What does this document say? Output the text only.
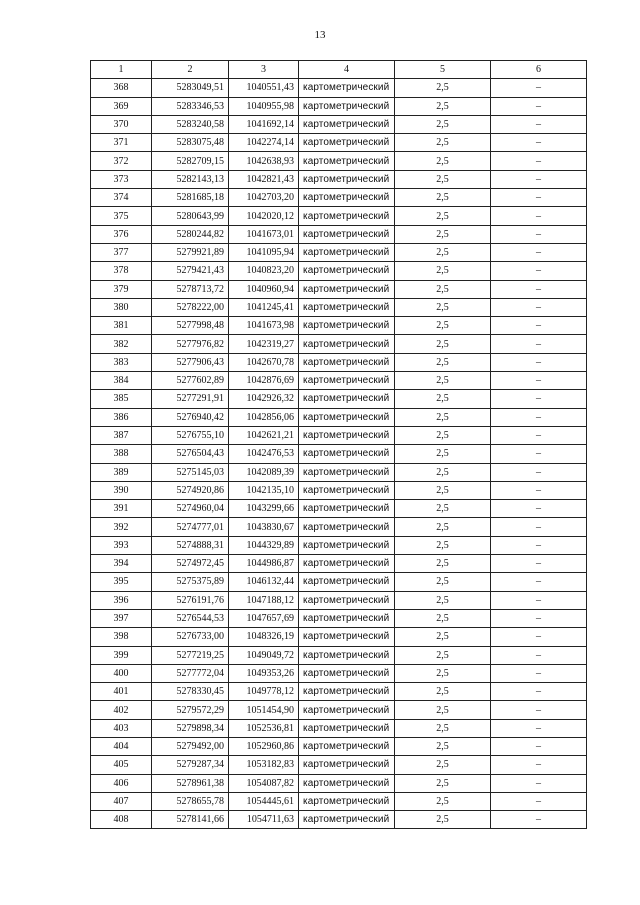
13
1	2	3	4	5	6
368	5283049,51	1040551,43	картометрический	2,5	–
369	5283346,53	1040955,98	картометрический	2,5	–
370	5283240,58	1041692,14	картометрический	2,5	–
371	5283075,48	1042274,14	картометрический	2,5	–
372	5282709,15	1042638,93	картометрический	2,5	–
373	5282143,13	1042821,43	картометрический	2,5	–
374	5281685,18	1042703,20	картометрический	2,5	–
375	5280643,99	1042020,12	картометрический	2,5	–
376	5280244,82	1041673,01	картометрический	2,5	–
377	5279921,89	1041095,94	картометрический	2,5	–
378	5279421,43	1040823,20	картометрический	2,5	–
379	5278713,72	1040960,94	картометрический	2,5	–
380	5278222,00	1041245,41	картометрический	2,5	–
381	5277998,48	1041673,98	картометрический	2,5	–
382	5277976,82	1042319,27	картометрический	2,5	–
383	5277906,43	1042670,78	картометрический	2,5	–
384	5277602,89	1042876,69	картометрический	2,5	–
385	5277291,91	1042926,32	картометрический	2,5	–
386	5276940,42	1042856,06	картометрический	2,5	–
387	5276755,10	1042621,21	картометрический	2,5	–
388	5276504,43	1042476,53	картометрический	2,5	–
389	5275145,03	1042089,39	картометрический	2,5	–
390	5274920,86	1042135,10	картометрический	2,5	–
391	5274960,04	1043299,66	картометрический	2,5	–
392	5274777,01	1043830,67	картометрический	2,5	–
393	5274888,31	1044329,89	картометрический	2,5	–
394	5274972,45	1044986,87	картометрический	2,5	–
395	5275375,89	1046132,44	картометрический	2,5	–
396	5276191,76	1047188,12	картометрический	2,5	–
397	5276544,53	1047657,69	картометрический	2,5	–
398	5276733,00	1048326,19	картометрический	2,5	–
399	5277219,25	1049049,72	картометрический	2,5	–
400	5277772,04	1049353,26	картометрический	2,5	–
401	5278330,45	1049778,12	картометрический	2,5	–
402	5279572,29	1051454,90	картометрический	2,5	–
403	5279898,34	1052536,81	картометрический	2,5	–
404	5279492,00	1052960,86	картометрический	2,5	–
405	5279287,34	1053182,83	картометрический	2,5	–
406	5278961,38	1054087,82	картометрический	2,5	–
407	5278655,78	1054445,61	картометрический	2,5	–
408	5278141,66	1054711,63	картометрический	2,5	–
